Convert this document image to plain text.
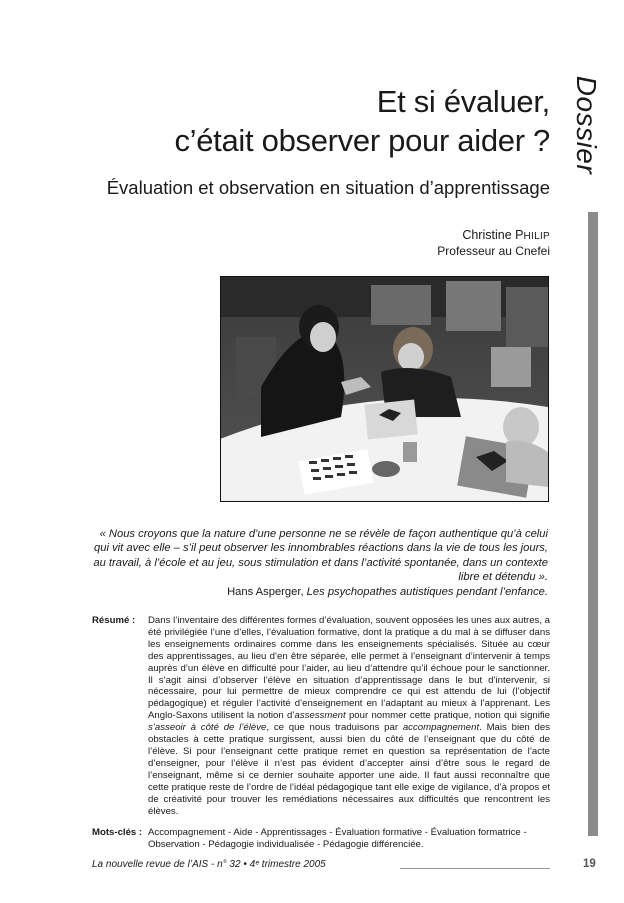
Dossier
Et si évaluer,
c’était observer pour aider ?
Évaluation et observation en situation d’apprentissage
Christine PHILIP
Professeur au Cnefei
« Nous croyons que la nature d’une personne ne se révèle de façon authentique qu’à celui qui vit avec elle – s’il peut observer les innombrables réactions dans la vie de tous les jours, au travail, à l’école et au jeu, sous stimulation et dans l’activité spontanée, dans un contexte libre et détendu ».
Hans Asperger, Les psychopathes autistiques pendant l’enfance.
Résumé : Dans l’inventaire des différentes formes d’évaluation, souvent opposées les unes aux autres, a été privilégiée l’une d’elles, l’évaluation formative, dont la pratique a du mal à se diffuser dans les enseignements ordinaires comme dans les enseignements spécialisés. Située au cœur des apprentissages, au lieu d’en être séparée, elle permet à l’enseignant d’intervenir à temps auprès d’un élève en difficulté pour l’aider, au lieu d’attendre qu’il échoue pour le sanctionner. Il s’agit ainsi d’observer l’élève en situation d’apprentissage dans le but d’intervenir, si nécessaire, pour lui permettre de mieux comprendre ce qui est attendu de lui (l’objectif pédagogique) et réguler l’activité d’enseignement en l’adaptant au mieux à l’apprenant. Les Anglo-Saxons utilisent la notion d’assessment pour nommer cette pratique, notion qui signifie s’asseoir à côté de l’élève, ce que nous traduisons par accompagnement. Mais bien des obstacles à cette pratique surgissent, aussi bien du côté de l’enseignant que du côté de l’élève. Si pour l’enseignant cette pratique remet en question sa représentation de l’acte d’enseigner, pour l’élève il n’est pas évident d’accepter ainsi d’être sous le regard de l’enseignant, même si ce dernier souhaite apporter une aide. Il faut aussi reconnaître que cette pratique reste de l’ordre de l’idéal pédagogique tant elle exige de vigilance, d’à propos et de créativité pour trouver les remédiations nécessaires aux difficultés que rencontrent les élèves.
Mots-clés : Accompagnement - Aide - Apprentissages - Évaluation formative - Évaluation formatrice - Observation - Pédagogie individualisée - Pédagogie différenciée.
La nouvelle revue de l’AIS - n° 32 • 4ᵉ trimestre 2005	19
